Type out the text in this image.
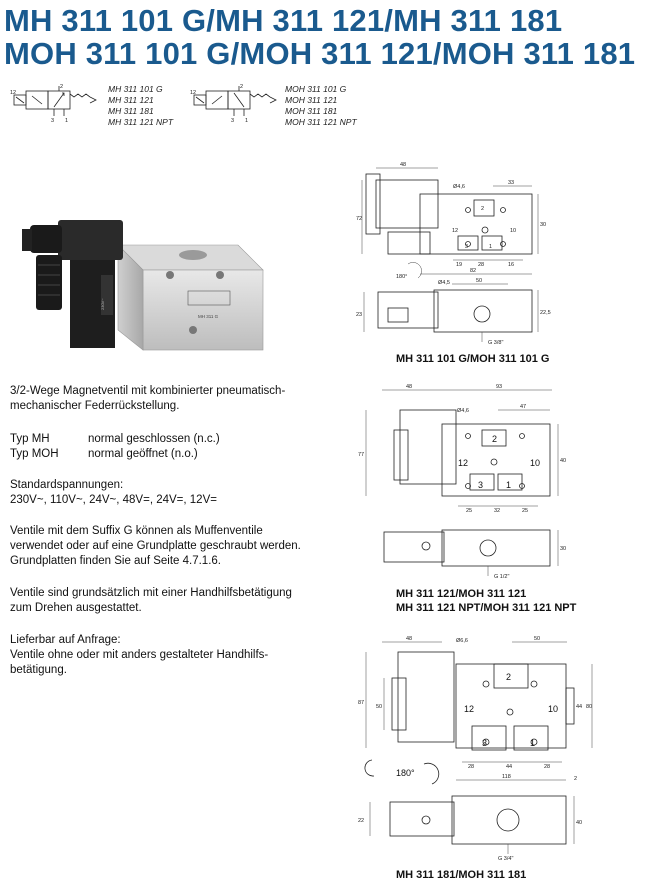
MH 311 101 G/MH 311 121/MH 311 181
MOH 311 101 G/MOH 311 121/MOH 311 181
12
2
3 1
MH 311 101 G
MH 311 121
MH 311 181
MH 311 121 NPT
12
2
3 1
MOH 311 101 G
MOH 311 121
MOH 311 181
MOH 311 121 NPT
MH 311 G
230V~
3/2-Wege Magnetventil mit kombinierter pneumatisch-mechanischer Federrückstellung.
Typ MH	normal geschlossen (n.c.)
Typ MOH	normal geöffnet (n.o.)
Standardspannungen:
230V~, 110V~, 24V~, 48V=, 24V=, 12V=
Ventile mit dem Suffix G können als Muffenventile verwendet oder auf eine Grundplatte geschraubt werden. Grundplatten finden Sie auf Seite 4.7.1.6.
Ventile sind grundsätzlich mit einer Handhilfsbetätigung zum Drehen ausgestattet.
Lieferbar auf Anfrage:
Ventile ohne oder mit anders gestalteter Handhilfs-betätigung.
2
12	10
3	1
48
Ø4,6
33
72
30
19	28	16
82
180°
50
Ø4,5
23	22,5
G 3/8"
MH 311 101 G/MOH 311 101 G
48	93
Ø4,6
47
2
12	10
3	1
77
40
25	32	25
30
G 1/2"
MH 311 121/MOH 311 121
MH 311 121 NPT/MOH 311 121 NPT
48	Ø6,6	50
2
12	10
3	1
87
50	44 80
28	44	28
118	2
180°
22	40
G 3/4"
MH 311 181/MOH 311 181
